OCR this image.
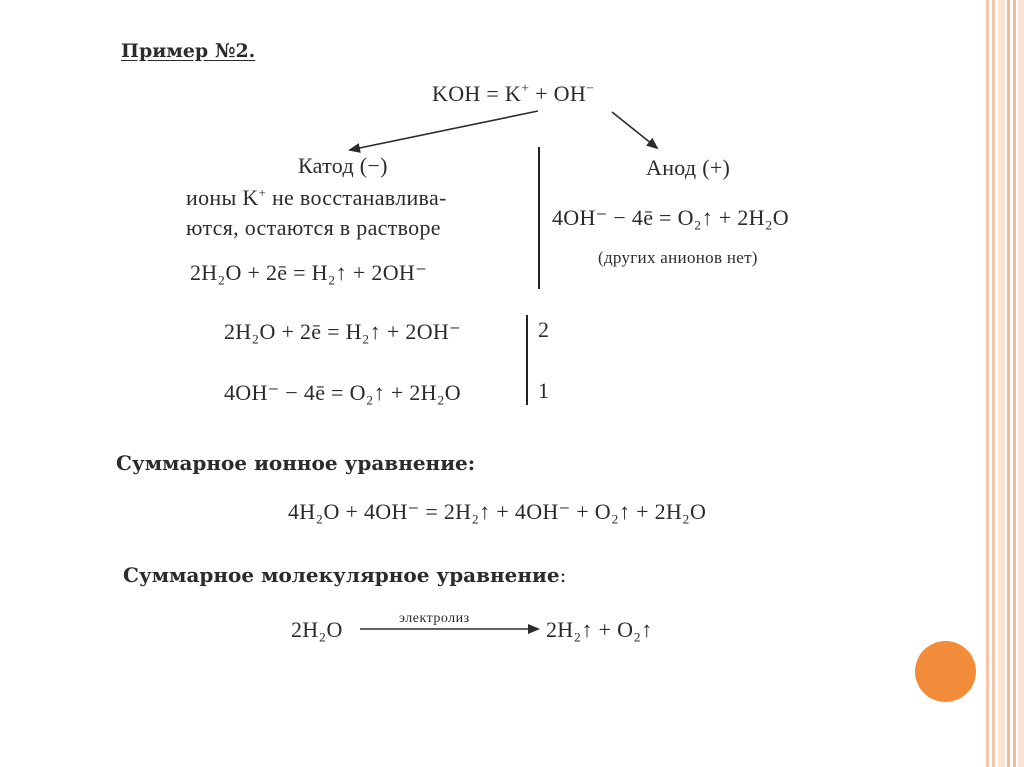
Пример №2.
KOH = K+ + OH−
Катод (−)
ионы K+ не восстанавлива-
ются, остаются в растворе
2H₂O + 2ē = H₂↑ + 2OH⁻
Анод (+)
4OH⁻ − 4ē = O₂↑ + 2H₂O
(других анионов нет)
2H₂O + 2ē = H₂↑ + 2OH⁻	2
4OH⁻ − 4ē = O₂↑ + 2H₂O	1
Суммарное ионное уравнение:
4H₂O + 4OH⁻ = 2H₂↑ + 4OH⁻ + O₂↑ + 2H₂O
Суммарное молекулярное уравнение:
2H₂O	электролиз	2H₂↑ + O₂↑
